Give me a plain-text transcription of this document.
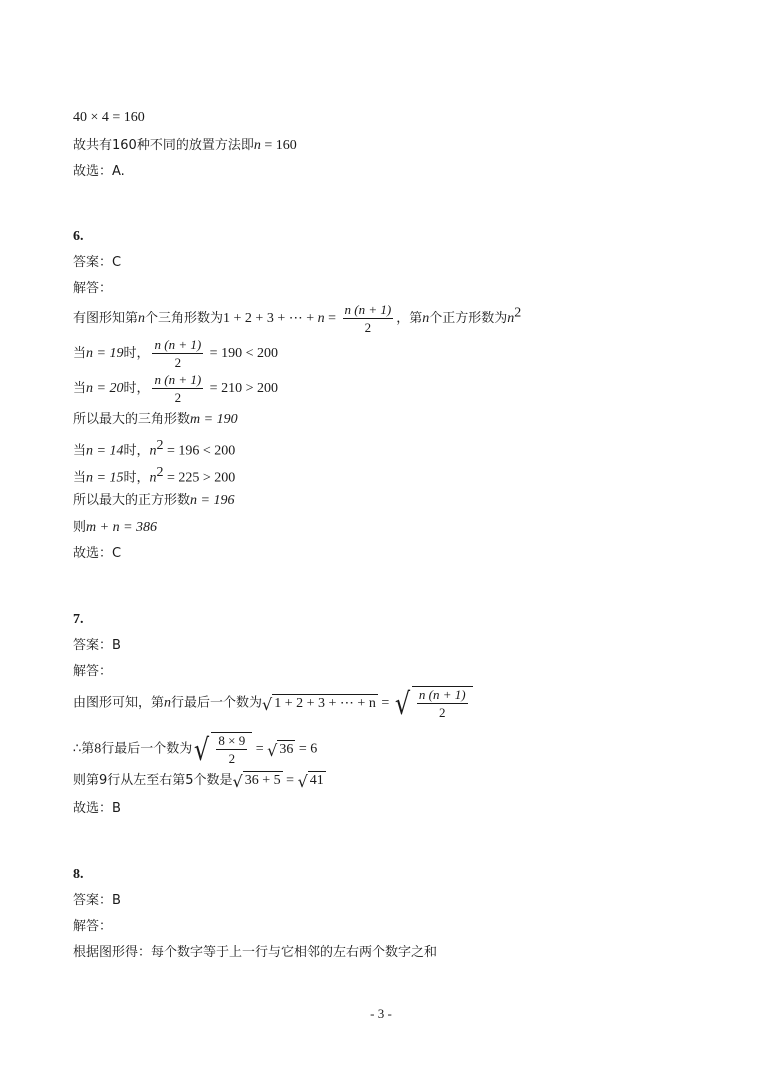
40 × 4 = 160
故共有160种不同的放置方法即n = 160
故选：A.
6.
答案：C
解答：
有图形知第n个三角形数为1 + 2 + 3 + ⋯ + $n = \frac{n (n + 1)}{2}$ ，第n个正方形数为$n^2$
当n = 19时， $\frac{n (n + 1)}{2} = 190 < 200$
当n = 20时， $\frac{n (n + 1)}{2} = 210 > 200$
所以最大的三角形数m = 190
当n = 14时，$n^2 = 196 < 200$
当n = 15时，$n^2 = 225 > 200$
所以最大的正方形数n = 196
则m + n = 386
故选：C
7.
答案：B
解答：
由图形可知，第n行最后一个数为 √ 1 + 2 + 3 + ⋯ + n = √ $\frac{n (n + 1)}{2}$
∴第8行最后一个数为 √ $\frac{8 \times 9}{2}$ = √ 36 = 6
则第9行从左至右第5个数是 √ 36 + 5 = √ 41
故选：B
8.
答案：B
解答：
根据图形得：每个数字等于上一行与它相邻的左右两个数字之和
- 3 -
